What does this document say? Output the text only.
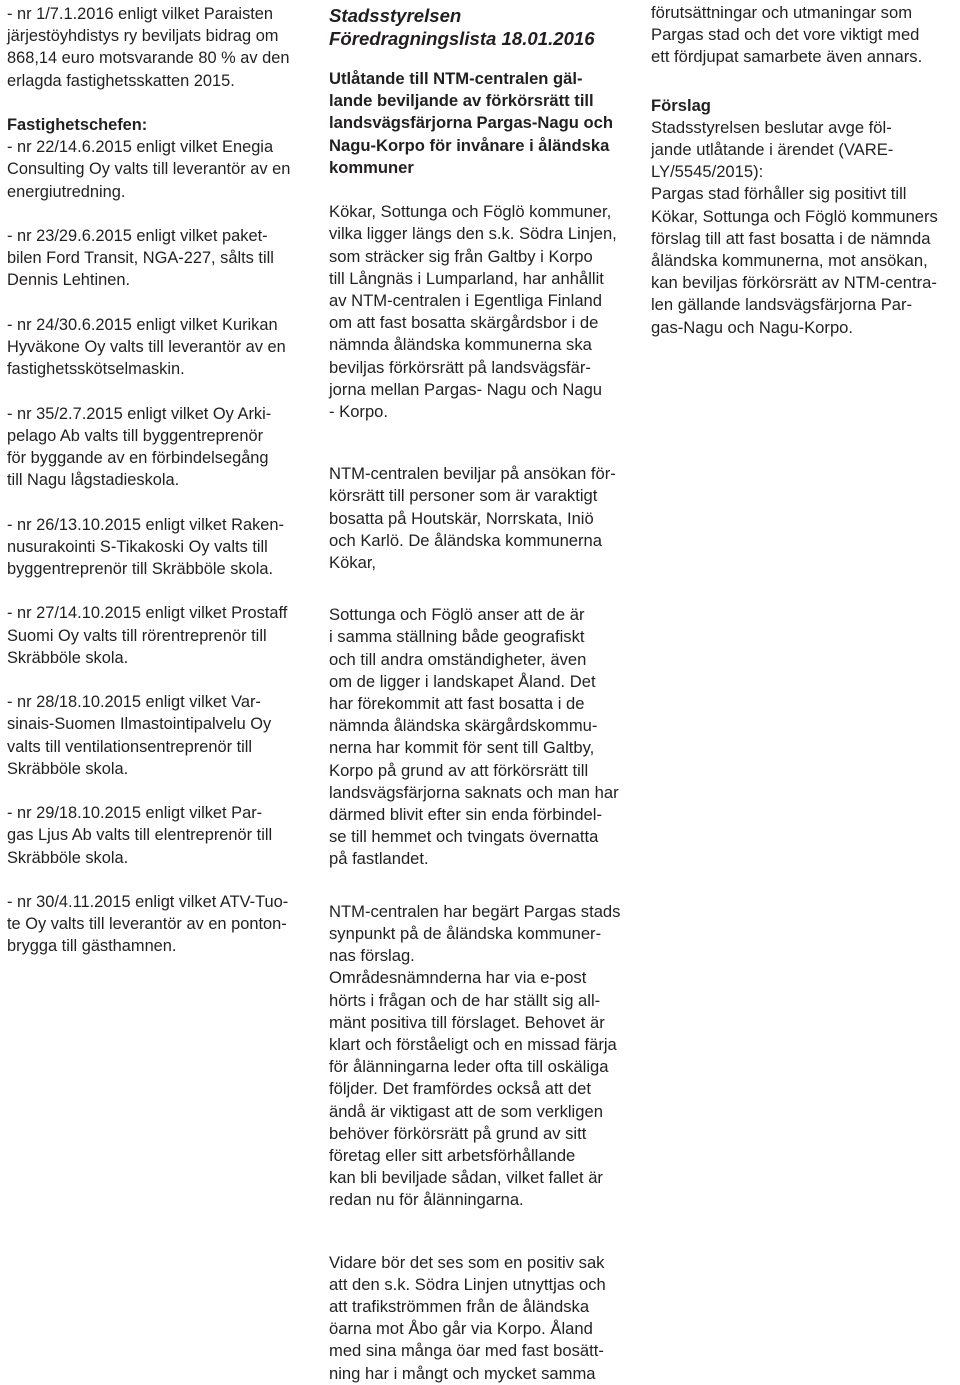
- nr 1/7.1.2016 enligt vilket Paraisten

järjestöyhdistys ry beviljats bidrag om

868,14 euro motsvarande 80 % av den

erlagda fastighetsskatten 2015.

Fastighetschefen:

- nr 22/14.6.2015 enligt vilket Enegia

Consulting Oy valts till leverantör av en

energiutredning.

- nr 23/29.6.2015 enligt vilket paket-

bilen Ford Transit, NGA-227, sålts till

Dennis Lehtinen.

- nr 24/30.6.2015 enligt vilket Kurikan

Hyväkone Oy valts till leverantör av en

fastighetsskötselmaskin.

- nr 35/2.7.2015 enligt vilket Oy Arki-

pelago Ab valts till byggentreprenör

för byggande av en förbindelsegång

till Nagu lågstadieskola.

- nr 26/13.10.2015 enligt vilket Raken-

nusurakointi S-Tikakoski Oy valts till

byggentreprenör till Skräbböle skola.

- nr 27/14.10.2015 enligt vilket Prostaff

Suomi Oy valts till rörentreprenör till

Skräbböle skola.

- nr 28/18.10.2015 enligt vilket Var-

sinais-Suomen Ilmastointipalvelu Oy

valts till ventilationsentreprenör till

Skräbböle skola.

- nr 29/18.10.2015 enligt vilket Par-

gas Ljus Ab valts till elentreprenör till

Skräbböle skola.

- nr 30/4.11.2015 enligt vilket ATV-Tuo-

te Oy valts till leverantör av en ponton-

brygga till gästhamnen.

Stadsstyrelsen

Föredragningslista 18.01.2016

Utlåtande till NTM-centralen gäl-

lande beviljande av förkörsrätt till

landsvägsfärjorna Pargas-Nagu och

Nagu-Korpo för invånare i åländska

kommuner

Kökar, Sottunga och Föglö kommuner,

vilka ligger längs den s.k. Södra Linjen,

som sträcker sig från Galtby i Korpo

till Långnäs i Lumparland, har anhållit

av NTM-centralen i Egentliga Finland

om att fast bosatta skärgårdsbor i de

nämnda åländska kommunerna ska

beviljas förkörsrätt på landsvägsfär-

jorna mellan Pargas- Nagu och Nagu

- Korpo.

NTM-centralen beviljar på ansökan för-

körsrätt till personer som är varaktigt

bosatta på Houtskär, Norrskata, Iniö

och Karlö. De åländska kommunerna

Kökar,

Sottunga och Föglö anser att de är

i samma ställning både geografiskt

och till andra omständigheter, även

om de ligger i landskapet Åland. Det

har förekommit att fast bosatta i de

nämnda åländska skärgårdskommu-

nerna har kommit för sent till Galtby,

Korpo på grund av att förkörsrätt till

landsvägsfärjorna saknats och man har

därmed blivit efter sin enda förbindel-

se till hemmet och tvingats övernatta

på fastlandet.

NTM-centralen har begärt Pargas stads

synpunkt på de åländska kommuner-

nas förslag.

Områdesnämnderna har via e-post

hörts i frågan och de har ställt sig all-

mänt positiva till förslaget. Behovet är

klart och förståeligt och en missad färja

för ålänningarna leder ofta till oskäliga

följder. Det framfördes också att det

ändå är viktigast att de som verkligen

behöver förkörsrätt på grund av sitt

företag eller sitt arbetsförhållande

kan bli beviljade sådan, vilket fallet är

redan nu för ålänningarna.

Vidare bör det ses som en positiv sak

att den s.k. Södra Linjen utnyttjas och

att trafikströmmen från de åländska

öarna mot Åbo går via Korpo. Åland

med sina många öar med fast bosätt-

ning har i mångt och mycket samma

förutsättningar och utmaningar som

Pargas stad och det vore viktigt med

ett fördjupat samarbete även annars.

Förslag

Stadsstyrelsen beslutar avge föl-

jande utlåtande i ärendet (VARE-

LY/5545/2015):

Pargas stad förhåller sig positivt till

Kökar, Sottunga och Föglö kommuners

förslag till att fast bosatta i de nämnda

åländska kommunerna, mot ansökan,

kan beviljas förkörsrätt av NTM-centra-

len gällande landsvägsfärjorna Par-

gas-Nagu och Nagu-Korpo.
